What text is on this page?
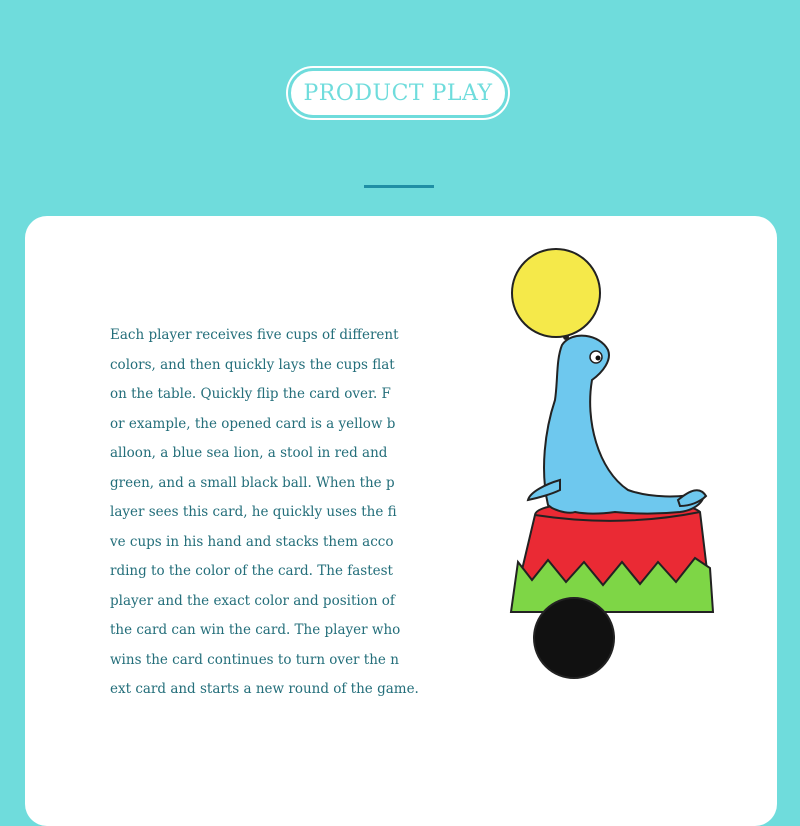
PRODUCT PLAY

Each player receives five cups of different
colors, and then quickly lays the cups flat
on the table. Quickly flip the card over. F
or example, the opened card is a yellow b
alloon, a blue sea lion, a stool in red and
green, and a small black ball. When the p
layer sees this card, he quickly uses the fi
ve cups in his hand and stacks them acco
rding to the color of the card. The fastest
player and the exact color and position of
the card can win the card. The player who
wins the card continues to turn over the n
ext card and starts a new round of the game.
